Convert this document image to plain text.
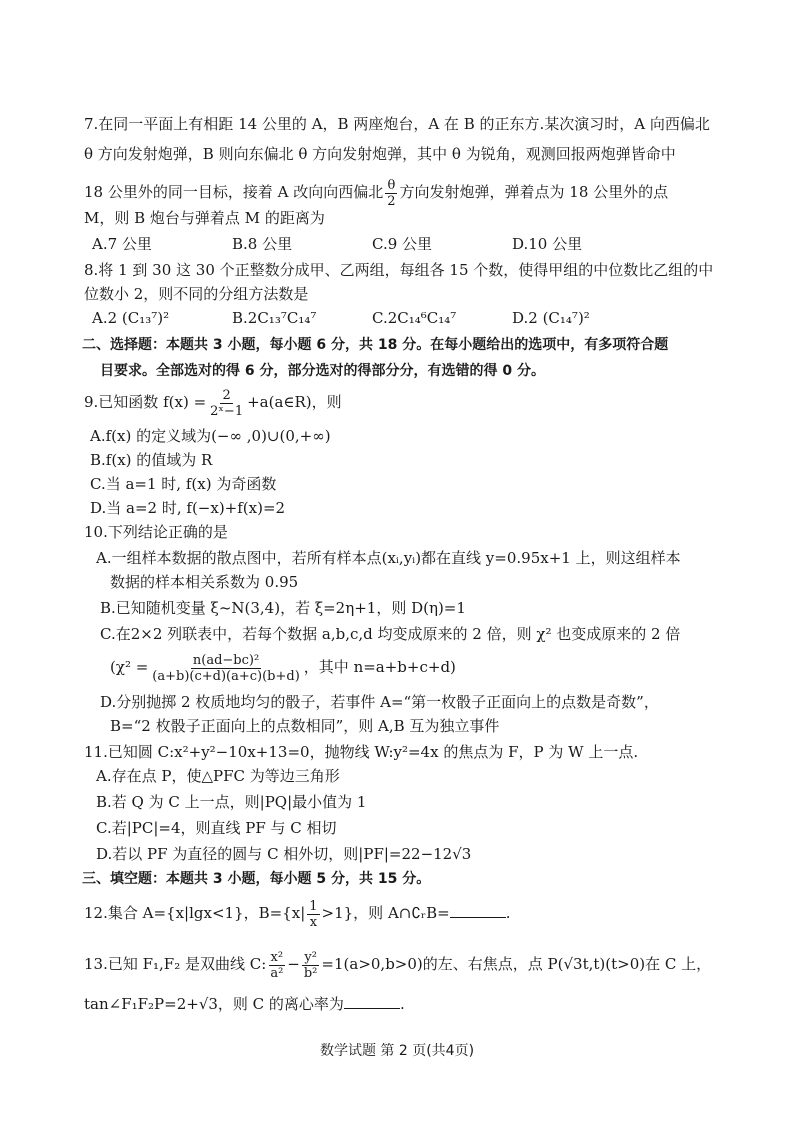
7.在同一平面上有相距 14 公里的 A，B 两座炮台，A 在 B 的正东方.某次演习时，A 向西偏北
θ 方向发射炮弹，B 则向东偏北 θ 方向发射炮弹，其中 θ 为锐角，观测回报两炮弹皆命中
18 公里外的同一目标，接着 A 改向向西偏北 $\frac{\theta}{2}$ 方向发射炮弹，弹着点为 18 公里外的点
M，则 B 炮台与弹着点 M 的距离为
A.7 公里	B.8 公里	C.9 公里	D.10 公里
8.将 1 到 30 这 30 个正整数分成甲、乙两组，每组各 15 个数，使得甲组的中位数比乙组的中
位数小 2，则不同的分组方法数是
A.2 (C₁₃⁷)²	B.2C₁₃⁷C₁₄⁷	C.2C₁₄⁶C₁₄⁷	D.2 (C₁₄⁷)²
二、选择题：本题共 3 小题，每小题 6 分，共 18 分。在每小题给出的选项中，有多项符合题
目要求。全部选对的得 6 分，部分选对的得部分分，有选错的得 0 分。
9.已知函数 $f(x) = \frac{2}{\text{2ˣ−1}}$ +a(a∈R)，则
A.f(x) 的定义域为(−∞ ,0)∪(0,+∞)
B.f(x) 的值域为 R
C.当 a=1 时, f(x) 为奇函数
D.当 a=2 时, f(−x)+f(x)=2
10.下列结论正确的是
A.一组样本数据的散点图中，若所有样本点(xᵢ,yᵢ)都在直线 y=0.95x+1 上，则这组样本
数据的样本相关系数为 0.95
B.已知随机变量 ξ~N(3,4)，若 ξ=2η+1，则 D(η)=1
C.在2×2 列联表中，若每个数据 a,b,c,d 均变成原来的 2 倍，则 χ² 也变成原来的 2 倍
($\chi^2 = \frac{\text{n(ad−bc)²}}{(a+b)(c+d)(a+c)(b+d)}$ ，其中 n=a+b+c+d)
D.分别抛掷 2 枚质地均匀的骰子，若事件 A=“第一枚骰子正面向上的点数是奇数”，
B=“2 枚骰子正面向上的点数相同”，则 A,B 互为独立事件
11.已知圆 C:x²+y²−10x+13=0，抛物线 W:y²=4x 的焦点为 F，P 为 W 上一点.
A.存在点 P，使△PFC 为等边三角形
B.若 Q 为 C 上一点，则|PQ|最小值为 1
C.若|PC|=4，则直线 PF 与 C 相切
D.若以 PF 为直径的圆与 C 相外切，则|PF|=22−12√3
三、填空题：本题共 3 小题，每小题 5 分，共 15 分。
12.集合 A={x|lgx<1}，$B=\{x| \frac{1}{x} >1\}$，则 A∩∁ᵣB=	.
13.已知 F₁,F₂ 是双曲线 C: $\frac{\text{x²}}{\text{a²}} - \frac{\text{y²}}{\text{b²}} =1(a>0,b>0)$的左、右焦点，点 P(√3t,t)(t>0)在 C 上，
tan∠F₁F₂P=2+√3，则 C 的离心率为	.
数学试题 第 2 页(共4页)
